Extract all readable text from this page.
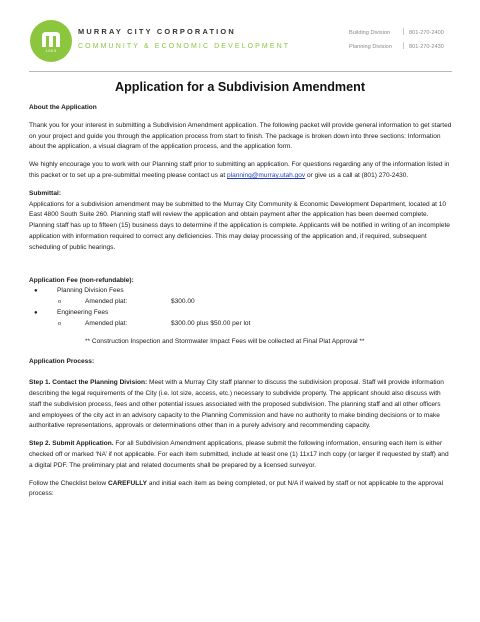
1903
MURRAY CITY CORPORATION
COMMUNITY & ECONOMIC DEVELOPMENT
Building Division	801-270-2400
Planning Division	801-270-2430
Application for a Subdivision Amendment

About the Application

Thank you for your interest in submitting a Subdivision Amendment application. The following packet will provide general information to get started on your project and guide you through the application process from start to finish. The package is broken down into three sections: Information about the application, a visual diagram of the application process, and the application form.

We highly encourage you to work with our Planning staff prior to submitting an application. For questions regarding any of the information listed in this packet or to set up a pre-submittal meeting please contact us at planning@murray.utah.gov or give us a call at (801) 270-2430.

Submittal:

Applications for a subdivision amendment may be submitted to the Murray City Community & Economic Development Department, located at 10 East 4800 South Suite 260. Planning staff will review the application and obtain payment after the application has been deemed complete. Planning staff has up to fifteen (15) business days to determine if the application is complete. Applicants will be notified in writing of an incomplete application with information required to correct any deficiencies. This may delay processing of the application and, if required, subsequent scheduling of public hearings.

Application Fee (non-refundable):

●	Planning Division Fees
o	Amended plat:	$300.00
●	Engineering Fees
o	Amended plat:	$300.00 plus $50.00 per lot
** Construction Inspection and Stormwater Impact Fees will be collected at Final Plat Approval **

Application Process:

Step 1. Contact the Planning Division: Meet with a Murray City staff planner to discuss the subdivision proposal. Staff will provide information describing the legal requirements of the City (i.e. lot size, access, etc.) necessary to subdivide property. The applicant should also discuss with staff the subdivision process, fees and other potential issues associated with the proposed subdivision. The planning staff and all other officers and employees of the city act in an advisory capacity to the Planning Commission and have no authority to make binding decisions or to make authoritative representations, approvals or determinations other than in a purely advisory and recommending capacity.

Step 2. Submit Application. For all Subdivision Amendment applications, please submit the following information, ensuring each item is either checked off or marked ‘NA’ if not applicable. For each item submitted, include at least one (1) 11x17 inch copy (or larger if requested by staff) and a digital PDF. The preliminary plat and related documents shall be prepared by a licensed surveyor.

Follow the Checklist below CAREFULLY and initial each item as being completed, or put N/A if waived by staff or not applicable to the approval process:
